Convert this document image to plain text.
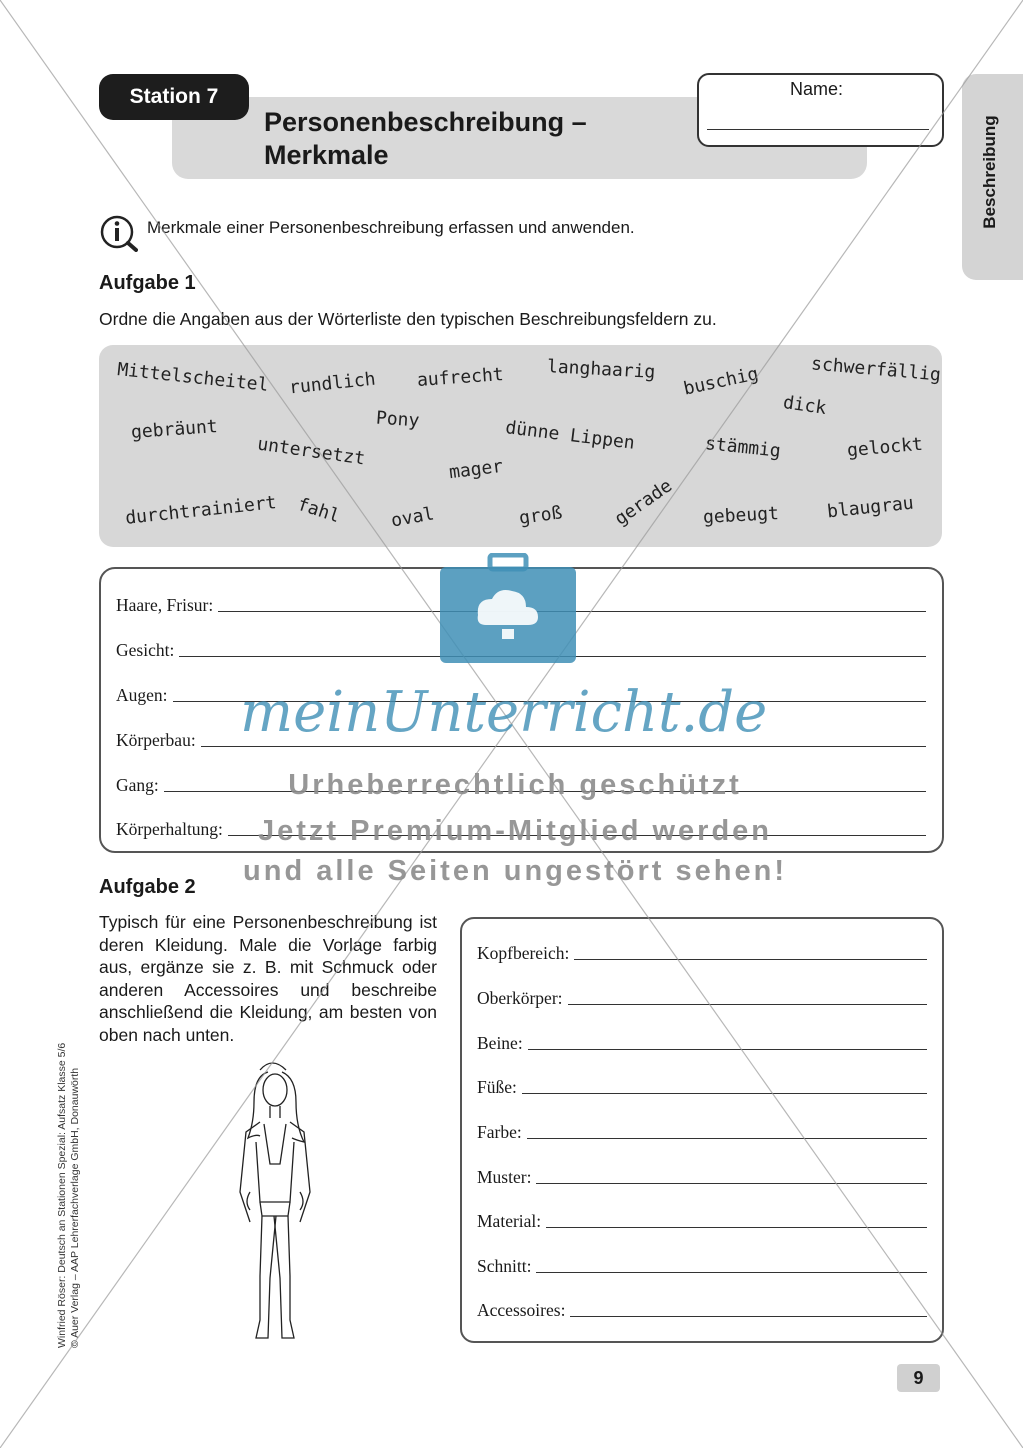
Station 7
Personenbeschreibung – Merkmale
Name:
Beschreibung
Merkmale einer Personenbeschreibung erfassen und anwenden.
Aufgabe 1
Ordne die Angaben aus der Wörterliste den typischen Beschreibungsfeldern zu.
Mittelscheitel rundlich aufrecht langhaarig buschig	schwerfällig
dick
gebräunt	Pony
untersetzt	dünne Lippen	stämmig	gelockt
mager
durchtrainiert fahl	oval	groß	gerade gebeugt	blaugrau
Haare, Frisur:
Gesicht:
Augen:
Körperbau:
Gang:
Körperhaltung:
Aufgabe 2
Typisch für eine Personenbeschreibung ist deren Kleidung. Male die Vorlage farbig aus, ergänze sie z. B. mit Schmuck oder anderen Accessoires und beschreibe anschließend die Kleidung, am besten von oben nach unten.
Kopfbereich:
Oberkörper:
Beine:
Füße:
Farbe:
Muster:
Material:
Schnitt:
Accessoires:
Winfried Röser: Deutsch an Stationen Spezial: Aufsatz Klasse 5/6 © Auer Verlag – AAP Lehrerfachverlage GmbH, Donauwörth
9
meinUnterricht.de
Urheberrechtlich geschützt
Jetzt Premium-Mitglied werden
und alle Seiten ungestört sehen!
